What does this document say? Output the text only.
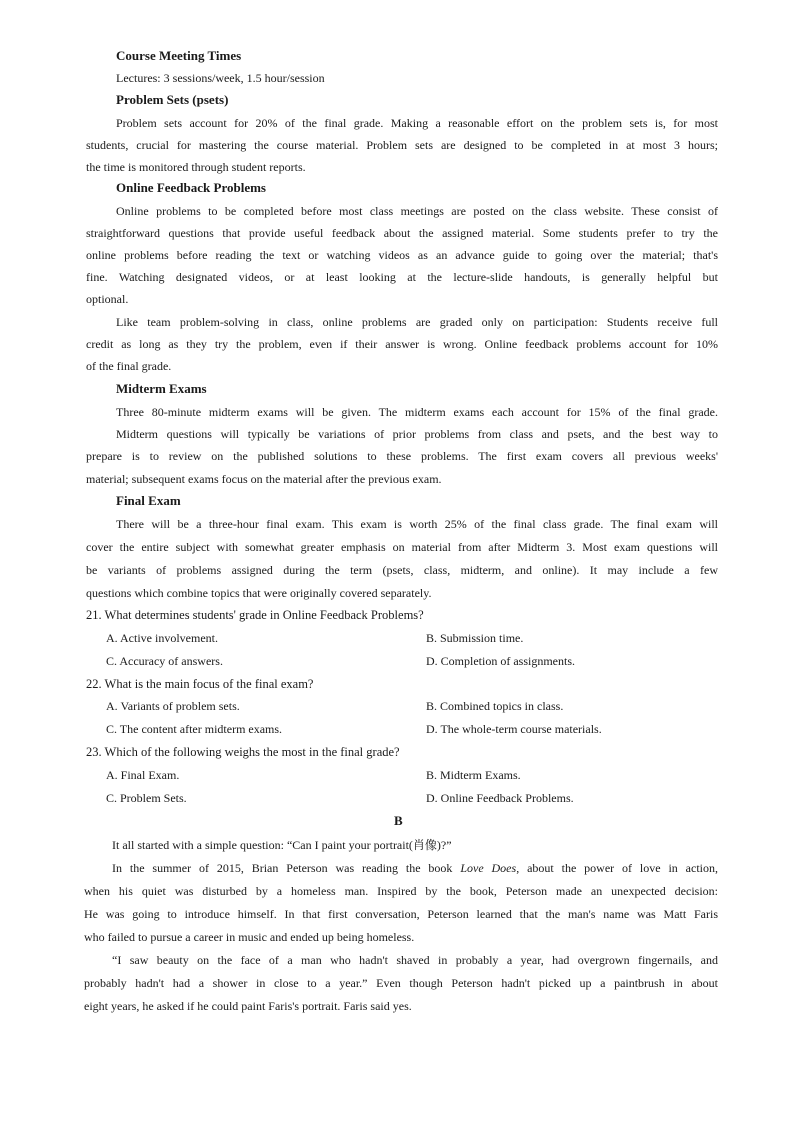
Course Meeting Times
Lectures: 3 sessions/week, 1.5 hour/session
Problem Sets (psets)
Problem sets account for 20% of the final grade. Making a reasonable effort on the problem sets is, for most
students, crucial for mastering the course material. Problem sets are designed to be completed in at most 3 hours;
the time is monitored through student reports.
Online Feedback Problems
Online problems to be completed before most class meetings are posted on the class website. These consist of
straightforward questions that provide useful feedback about the assigned material. Some students prefer to try the
online problems before reading the text or watching videos as an advance guide to going over the material; that's
fine. Watching designated videos, or at least looking at the lecture-slide handouts, is generally helpful but
optional.
Like team problem-solving in class, online problems are graded only on participation: Students receive full
credit as long as they try the problem, even if their answer is wrong. Online feedback problems account for 10%
of the final grade.
Midterm Exams
Three 80-minute midterm exams will be given. The midterm exams each account for 15% of the final grade.
Midterm questions will typically be variations of prior problems from class and psets, and the best way to
prepare is to review on the published solutions to these problems. The first exam covers all previous weeks'
material; subsequent exams focus on the material after the previous exam.
Final Exam
There will be a three-hour final exam. This exam is worth 25% of the final class grade. The final exam will
cover the entire subject with somewhat greater emphasis on material from after Midterm 3. Most exam questions will
be variants of problems assigned during the term (psets, class, midterm, and online). It may include a few
questions which combine topics that were originally covered separately.
21. What determines students' grade in Online Feedback Problems?
A. Active involvement.	B. Submission time.
C. Accuracy of answers.	D. Completion of assignments.
22. What is the main focus of the final exam?
A. Variants of problem sets.	B. Combined topics in class.
C. The content after midterm exams.	D. The whole-term course materials.
23. Which of the following weighs the most in the final grade?
A. Final Exam.	B. Midterm Exams.
C. Problem Sets.	D. Online Feedback Problems.
B
It all started with a simple question: “Can I paint your portrait(肖像)?”
In the summer of 2015, Brian Peterson was reading the book Love Does, about the power of love in action,
when his quiet was disturbed by a homeless man. Inspired by the book, Peterson made an unexpected decision:
He was going to introduce himself. In that first conversation, Peterson learned that the man's name was Matt Faris
who failed to pursue a career in music and ended up being homeless.
“I saw beauty on the face of a man who hadn't shaved in probably a year, had overgrown fingernails, and
probably hadn't had a shower in close to a year.” Even though Peterson hadn't picked up a paintbrush in about
eight years, he asked if he could paint Faris's portrait. Faris said yes.
